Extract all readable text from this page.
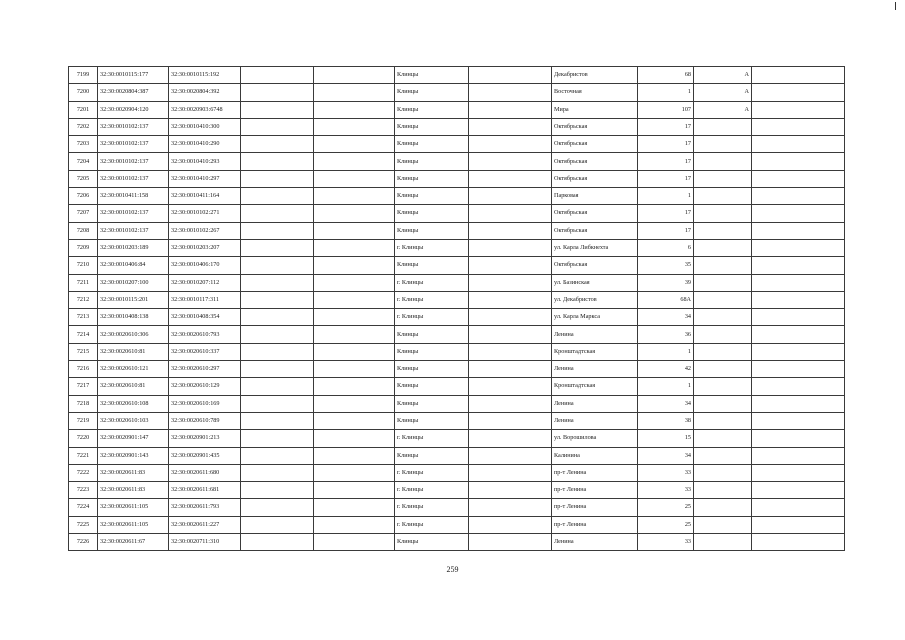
7199	32:30:0010115:177	32:30:0010115:192			Клинцы		Декабристов	68	А	
7200	32:30:0020804:387	32:30:0020804:392			Клинцы		Восточная	1	А	
7201	32:30:0020904:120	32:30:0020903:6748			Клинцы		Мира	107	А	
7202	32:30:0010102:137	32:30:0010410:300			Клинцы		Октябрьская	17		
7203	32:30:0010102:137	32:30:0010410:290			Клинцы		Октябрьская	17		
7204	32:30:0010102:137	32:30:0010410:293			Клинцы		Октябрьская	17		
7205	32:30:0010102:137	32:30:0010410:297			Клинцы		Октябрьская	17		
7206	32:30:0010411:158	32:30:0010411:164			Клинцы		Парковая	1		
7207	32:30:0010102:137	32:30:0010102:271			Клинцы		Октябрьская	17		
7208	32:30:0010102:137	32:30:0010102:267			Клинцы		Октябрьская	17		
7209	32:30:0010203:189	32:30:0010203:207			г. Клинцы		ул. Карла Либкнехта	6		
7210	32:30:0010406:84	32:30:0010406:170			Клинцы		Октябрьская	35		
7211	32:30:0010207:100	32:30:0010207:112			г. Клинцы		ул. Базинская	39		
7212	32:30:0010115:201	32:30:0010117:311			г. Клинцы		ул. Декабристов	68А		
7213	32:30:0010408:138	32:30:0010408:354			г. Клинцы		ул. Карла Маркса	34		
7214	32:30:0020610:306	32:30:0020610:793			Клинцы		Ленина	36		
7215	32:30:0020610:81	32:30:0020610:337			Клинцы		Кронштадтская	1		
7216	32:30:0020610:121	32:30:0020610:297			Клинцы		Ленина	42		
7217	32:30:0020610:81	32:30:0020610:129			Клинцы		Кронштадтская	1		
7218	32:30:0020610:108	32:30:0020610:169			Клинцы		Ленина	34		
7219	32:30:0020610:103	32:30:0020610:789			Клинцы		Ленина	38		
7220	32:30:0020901:147	32:30:0020901:213			г. Клинцы		ул. Ворошилова	15		
7221	32:30:0020901:143	32:30:0020901:435			Клинцы		Калинина	34		
7222	32:30:0020611:83	32:30:0020611:680			г. Клинцы		пр-т Ленина	33		
7223	32:30:0020611:83	32:30:0020611:681			г. Клинцы		пр-т Ленина	33		
7224	32:30:0020611:105	32:30:0020611:793			г. Клинцы		пр-т Ленина	25		
7225	32:30:0020611:105	32:30:0020611:227			г. Клинцы		пр-т Ленина	25		
7226	32:30:0020611:67	32:30:0020711:310			Клинцы		Ленина	33		
259
